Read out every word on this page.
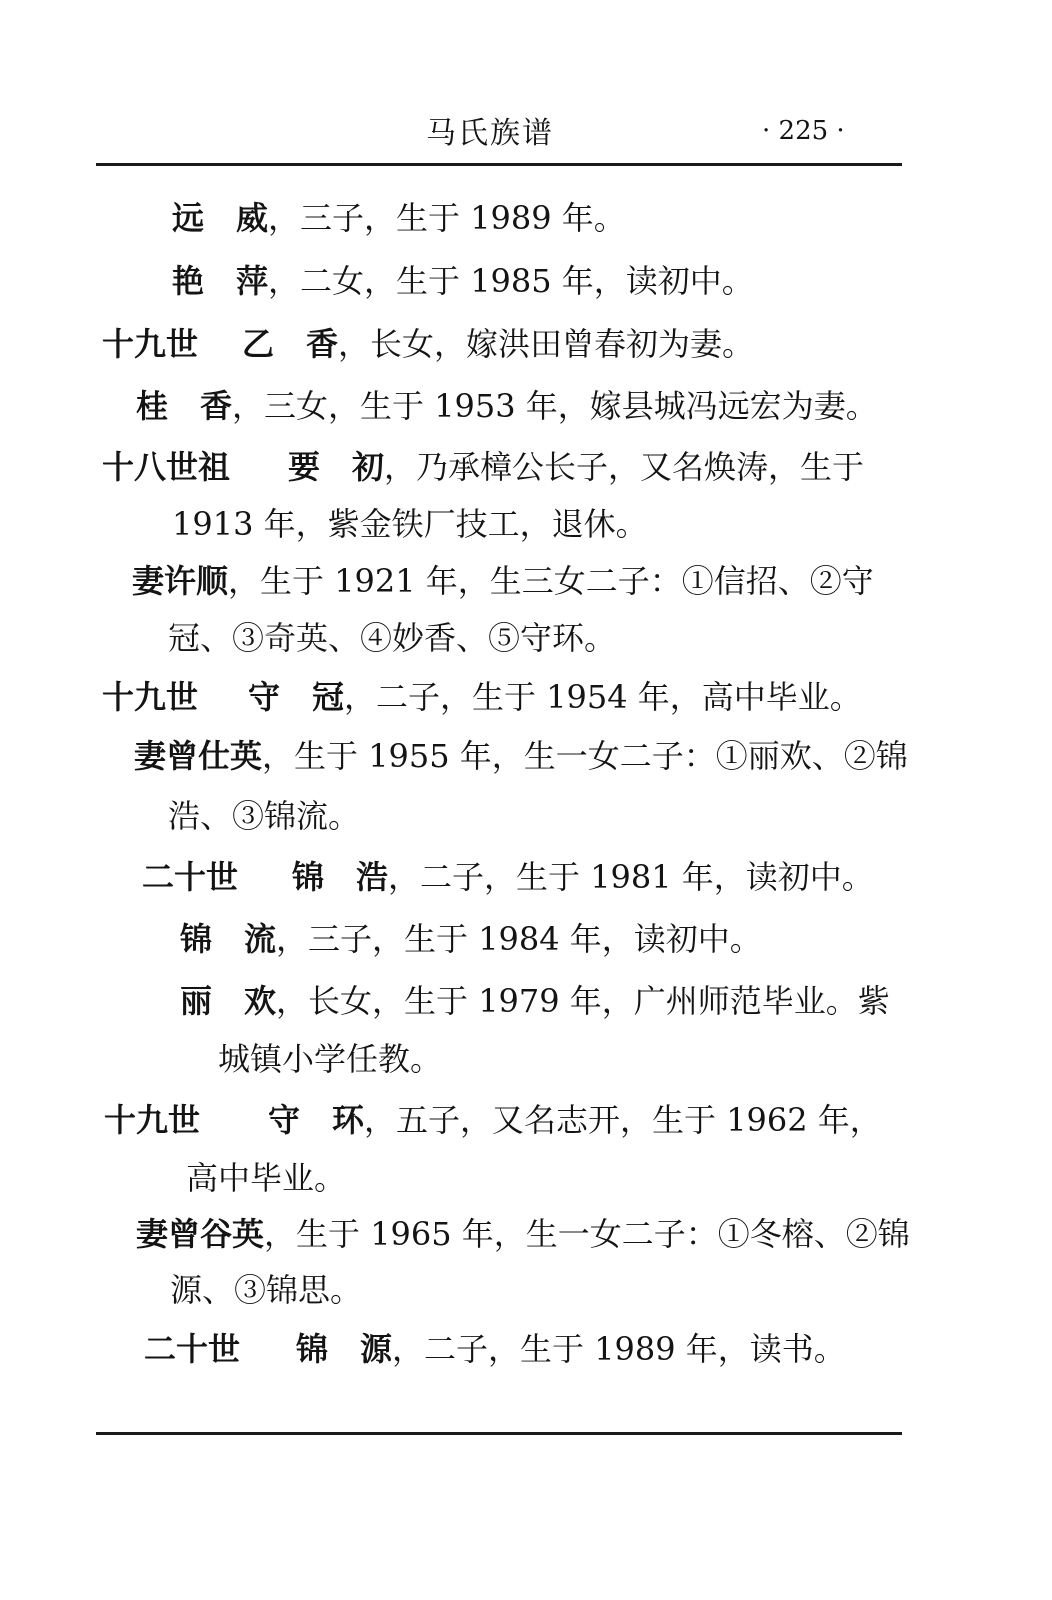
马氏族谱	· 225 ·
远　威，三子，生于 1989 年。
艳　萍，二女，生于 1985 年，读初中。
十九世 乙　香，长女，嫁洪田曾春初为妻。
桂　香，三女，生于 1953 年，嫁县城冯远宏为妻。
十八世祖 要　初，乃承樟公长子，又名焕涛，生于
1913 年，紫金铁厂技工，退休。
妻许顺，生于 1921 年，生三女二子：①信招、②守
冠、③奇英、④妙香、⑤守环。
十九世 守　冠，二子，生于 1954 年，高中毕业。
妻曾仕英，生于 1955 年，生一女二子：①丽欢、②锦
浩、③锦流。
二十世 锦　浩，二子，生于 1981 年，读初中。
锦　流，三子，生于 1984 年，读初中。
丽　欢，长女，生于 1979 年，广州师范毕业。紫
城镇小学任教。
十九世 守　环，五子，又名志开，生于 1962 年，
高中毕业。
妻曾谷英，生于 1965 年，生一女二子：①冬榕、②锦
源、③锦思。
二十世 锦　源，二子，生于 1989 年，读书。
